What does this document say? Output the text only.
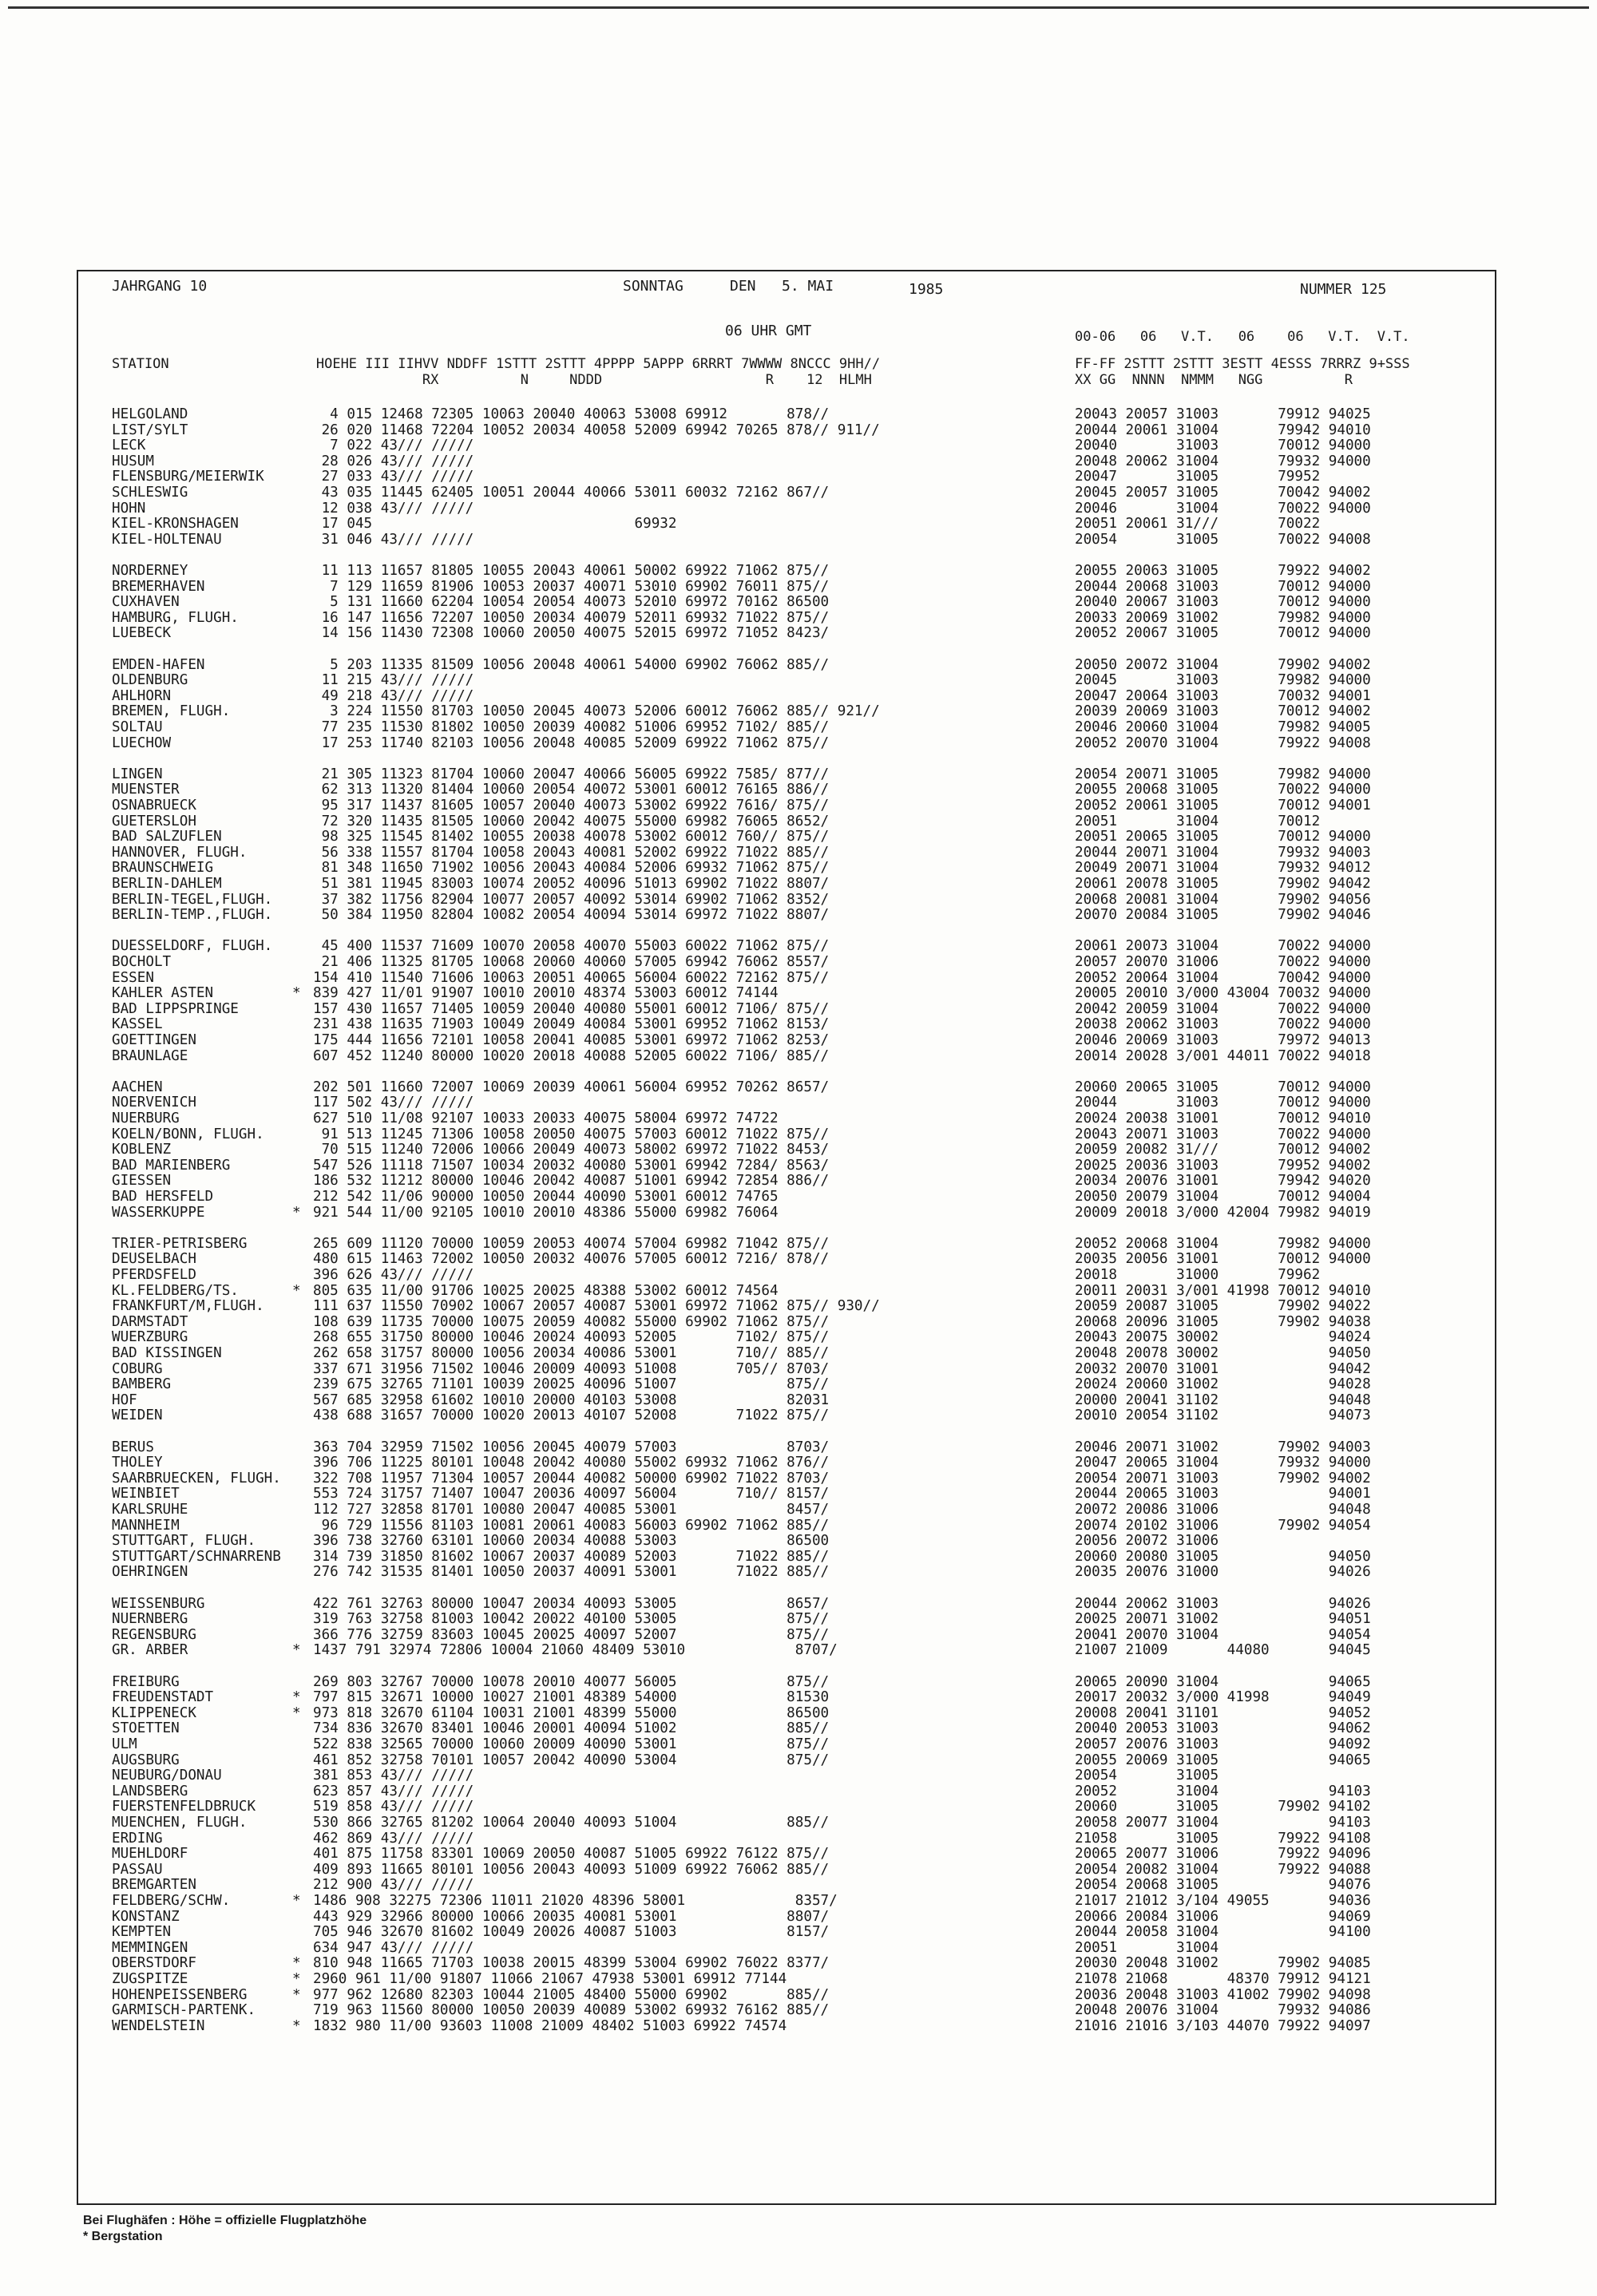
JAHRGANG 10	SONNTAG	DEN   5. MAI	1985	NUMMER 125
06 UHR GMT	00-06   06   V.T.   06    06   V.T.  V.T.
STATION                  HOEHE III IIHVV NDDFF 1STTT 2STTT 4PPPP 5APPP 6RRRT 7WWWW 8NCCC 9HH//
RX          N     NDDD                    R    12  HLMH
FF-FF 2STTT 2STTT 3ESTT 4ESSS 7RRRZ 9+SSS
XX GG  NNNN  NMMM   NGG          R
HELGOLAND	4 015 12468 72305 10063 20040 40063 53008 69912       878//	20043 20057 31003       79912 94025
LIST/SYLT	26 020 11468 72204 10052 20034 40058 52009 69942 70265 878// 911//	20044 20061 31004       79942 94010
LECK	7 022 43/// /////	20040       31003       70012 94000
HUSUM	28 026 43/// /////	20048 20062 31004       79932 94000
FLENSBURG/MEIERWIK	27 033 43/// /////	20047       31005       79952
SCHLESWIG	43 035 11445 62405 10051 20044 40066 53011 60032 72162 867//	20045 20057 31005       70042 94002
HOHN	12 038 43/// /////	20046       31004       70022 94000
KIEL-KRONSHAGEN	17 045                               69932	20051 20061 31///       70022
KIEL-HOLTENAU	31 046 43/// /////	20054       31005       70022 94008
NORDERNEY	11 113 11657 81805 10055 20043 40061 50002 69922 71062 875//	20055 20063 31005       79922 94002
BREMERHAVEN	7 129 11659 81906 10053 20037 40071 53010 69902 76011 875//	20044 20068 31003       70012 94000
CUXHAVEN	5 131 11660 62204 10054 20054 40073 52010 69972 70162 86500	20040 20067 31003       70012 94000
HAMBURG, FLUGH.	16 147 11656 72207 10050 20034 40079 52011 69932 71022 875//	20033 20069 31002       79982 94000
LUEBECK	14 156 11430 72308 10060 20050 40075 52015 69972 71052 8423/	20052 20067 31005       70012 94000
EMDEN-HAFEN	5 203 11335 81509 10056 20048 40061 54000 69902 76062 885//	20050 20072 31004       79902 94002
OLDENBURG	11 215 43/// /////	20045       31003       79982 94000
AHLHORN	49 218 43/// /////	20047 20064 31003       70032 94001
BREMEN, FLUGH.	3 224 11550 81703 10050 20045 40073 52006 60012 76062 885// 921//	20039 20069 31003       70012 94002
SOLTAU	77 235 11530 81802 10050 20039 40082 51006 69952 7102/ 885//	20046 20060 31004       79982 94005
LUECHOW	17 253 11740 82103 10056 20048 40085 52009 69922 71062 875//	20052 20070 31004       79922 94008
LINGEN	21 305 11323 81704 10060 20047 40066 56005 69922 7585/ 877//	20054 20071 31005       79982 94000
MUENSTER	62 313 11320 81404 10060 20054 40072 53001 60012 76165 886//	20055 20068 31005       70022 94000
OSNABRUECK	95 317 11437 81605 10057 20040 40073 53002 69922 7616/ 875//	20052 20061 31005       70012 94001
GUETERSLOH	72 320 11435 81505 10060 20042 40075 55000 69982 76065 8652/	20051       31004       70012
BAD SALZUFLEN	98 325 11545 81402 10055 20038 40078 53002 60012 760// 875//	20051 20065 31005       70012 94000
HANNOVER, FLUGH.	56 338 11557 81704 10058 20043 40081 52002 69922 71022 885//	20044 20071 31004       79932 94003
BRAUNSCHWEIG	81 348 11650 71902 10056 20043 40084 52006 69932 71062 875//	20049 20071 31004       79932 94012
BERLIN-DAHLEM	51 381 11945 83003 10074 20052 40096 51013 69902 71022 8807/	20061 20078 31005       79902 94042
BERLIN-TEGEL,FLUGH.	37 382 11756 82904 10077 20057 40092 53014 69902 71062 8352/	20068 20081 31004       79902 94056
BERLIN-TEMP.,FLUGH.	50 384 11950 82804 10082 20054 40094 53014 69972 71022 8807/	20070 20084 31005       79902 94046
DUESSELDORF, FLUGH.	45 400 11537 71609 10070 20058 40070 55003 60022 71062 875//	20061 20073 31004       70022 94000
BOCHOLT	21 406 11325 81705 10068 20060 40060 57005 69942 76062 8557/	20057 20070 31006       70022 94000
ESSEN	154 410 11540 71606 10063 20051 40065 56004 60022 72162 875//	20052 20064 31004       70042 94000
KAHLER ASTEN	* 839 427 11/01 91907 10010 20010 48374 53003 60012 74144	20005 20010 3/000 43004 70032 94000
BAD LIPPSPRINGE	157 430 11657 71405 10059 20040 40080 55001 60012 7106/ 875//	20042 20059 31004       70022 94000
KASSEL	231 438 11635 71903 10049 20049 40084 53001 69952 71062 8153/	20038 20062 31003       70022 94000
GOETTINGEN	175 444 11656 72101 10058 20041 40085 53001 69972 71062 8253/	20046 20069 31003       79972 94013
BRAUNLAGE	607 452 11240 80000 10020 20018 40088 52005 60022 7106/ 885//	20014 20028 3/001 44011 70022 94018
AACHEN	202 501 11660 72007 10069 20039 40061 56004 69952 70262 8657/	20060 20065 31005       70012 94000
NOERVENICH	117 502 43/// /////	20044       31003       70012 94000
NUERBURG	627 510 11/08 92107 10033 20033 40075 58004 69972 74722	20024 20038 31001       70012 94010
KOELN/BONN, FLUGH.	91 513 11245 71306 10058 20050 40075 57003 60012 71022 875//	20043 20071 31003       70022 94000
KOBLENZ	70 515 11240 72006 10066 20049 40073 58002 69972 71022 8453/	20059 20082 31///       70012 94002
BAD MARIENBERG	547 526 11118 71507 10034 20032 40080 53001 69942 7284/ 8563/	20025 20036 31003       79952 94002
GIESSEN	186 532 11212 80000 10046 20042 40087 51001 69942 72854 886//	20034 20076 31001       79942 94020
BAD HERSFELD	212 542 11/06 90000 10050 20044 40090 53001 60012 74765	20050 20079 31004       70012 94004
WASSERKUPPE	* 921 544 11/00 92105 10010 20010 48386 55000 69982 76064	20009 20018 3/000 42004 79982 94019
TRIER-PETRISBERG	265 609 11120 70000 10059 20053 40074 57004 69982 71042 875//	20052 20068 31004       79982 94000
DEUSELBACH	480 615 11463 72002 10050 20032 40076 57005 60012 7216/ 878//	20035 20056 31001       70012 94000
PFERDSFELD	396 626 43/// /////	20018       31000       79962
KL.FELDBERG/TS.	* 805 635 11/00 91706 10025 20025 48388 53002 60012 74564	20011 20031 3/001 41998 70012 94010
FRANKFURT/M,FLUGH.	111 637 11550 70902 10067 20057 40087 53001 69972 71062 875// 930//	20059 20087 31005       79902 94022
DARMSTADT	108 639 11735 70000 10075 20059 40082 55000 69902 71062 875//	20068 20096 31005       79902 94038
WUERZBURG	268 655 31750 80000 10046 20024 40093 52005       7102/ 875//	20043 20075 30002             94024
BAD KISSINGEN	262 658 31757 80000 10056 20034 40086 53001       710// 885//	20048 20078 30002             94050
COBURG	337 671 31956 71502 10046 20009 40093 51008       705// 8703/	20032 20070 31001             94042
BAMBERG	239 675 32765 71101 10039 20025 40096 51007             875//	20024 20060 31002             94028
HOF	567 685 32958 61602 10010 20000 40103 53008             82031	20000 20041 31102             94048
WEIDEN	438 688 31657 70000 10020 20013 40107 52008       71022 875//	20010 20054 31102             94073
BERUS	363 704 32959 71502 10056 20045 40079 57003             8703/	20046 20071 31002       79902 94003
THOLEY	396 706 11225 80101 10048 20042 40080 55002 69932 71062 876//	20047 20065 31004       79932 94000
SAARBRUECKEN, FLUGH. 322 708 11957 71304 10057 20044 40082 50000 69902 71022 8703/	20054 20071 31003       79902 94002
WEINBIET	553 724 31757 71407 10047 20036 40097 56004       710// 8157/	20044 20065 31003             94001
KARLSRUHE	112 727 32858 81701 10080 20047 40085 53001             8457/	20072 20086 31006             94048
MANNHEIM	96 729 11556 81103 10081 20061 40083 56003 69902 71062 885//	20074 20102 31006       79902 94054
STUTTGART, FLUGH.	396 738 32760 63101 10060 20034 40088 53003             86500	20056 20072 31006
STUTTGART/SCHNARRENB 314 739 31850 81602 10067 20037 40089 52003       71022 885//	20060 20080 31005             94050
OEHRINGEN	276 742 31535 81401 10050 20037 40091 53001       71022 885//	20035 20076 31000             94026
WEISSENBURG	422 761 32763 80000 10047 20034 40093 53005             8657/	20044 20062 31003             94026
NUERNBERG	319 763 32758 81003 10042 20022 40100 53005             875//	20025 20071 31002             94051
REGENSBURG	366 776 32759 83603 10045 20025 40097 52007             875//	20041 20070 31004             94054
GR. ARBER	* 1437 791 32974 72806 10004 21060 48409 53010             8707/	21007 21009       44080       94045
FREIBURG	269 803 32767 70000 10078 20010 40077 56005             875//	20065 20090 31004             94065
FREUDENSTADT	* 797 815 32671 10000 10027 21001 48389 54000             81530	20017 20032 3/000 41998       94049
KLIPPENECK	* 973 818 32670 61104 10031 21001 48399 55000             86500	20008 20041 31101             94052
STOETTEN	734 836 32670 83401 10046 20001 40094 51002             885//	20040 20053 31003             94062
ULM	522 838 32565 70000 10060 20009 40090 53001             875//	20057 20076 31003             94092
AUGSBURG	461 852 32758 70101 10057 20042 40090 53004             875//	20055 20069 31005             94065
NEUBURG/DONAU	381 853 43/// /////	20054       31005
LANDSBERG	623 857 43/// /////	20052       31004             94103
FUERSTENFELDBRUCK	519 858 43/// /////	20060       31005       79902 94102
MUENCHEN, FLUGH.	530 866 32765 81202 10064 20040 40093 51004             885//	20058 20077 31004             94103
ERDING	462 869 43/// /////	21058       31005       79922 94108
MUEHLDORF	401 875 11758 83301 10069 20050 40087 51005 69922 76122 875//	20065 20077 31006       79922 94096
PASSAU	409 893 11665 80101 10056 20043 40093 51009 69922 76062 885//	20054 20082 31004       79922 94088
BREMGARTEN	212 900 43/// /////	20054 20068 31005             94076
FELDBERG/SCHW.	* 1486 908 32275 72306 11011 21020 48396 58001             8357/	21017 21012 3/104 49055       94036
KONSTANZ	443 929 32966 80000 10066 20035 40081 53001             8807/	20066 20084 31006             94069
KEMPTEN	705 946 32670 81602 10049 20026 40087 51003             8157/	20044 20058 31004             94100
MEMMINGEN	634 947 43/// /////	20051       31004
OBERSTDORF	* 810 948 11665 71703 10038 20015 48399 53004 69902 76022 8377/	20030 20048 31002       79902 94085
ZUGSPITZE	* 2960 961 11/00 91807 11066 21067 47938 53001 69912 77144	21078 21068       48370 79912 94121
HOHENPEISSENBERG	* 977 962 12680 82303 10044 21005 48400 55000 69902       885//	20036 20048 31003 41002 79902 94098
GARMISCH-PARTENK.	719 963 11560 80000 10050 20039 40089 53002 69932 76162 885//	20048 20076 31004       79932 94086
WENDELSTEIN	* 1832 980 11/00 93603 11008 21009 48402 51003 69922 74574	21016 21016 3/103 44070 79922 94097
Bei Flughäfen : Höhe = offizielle Flugplatzhöhe
* Bergstation
